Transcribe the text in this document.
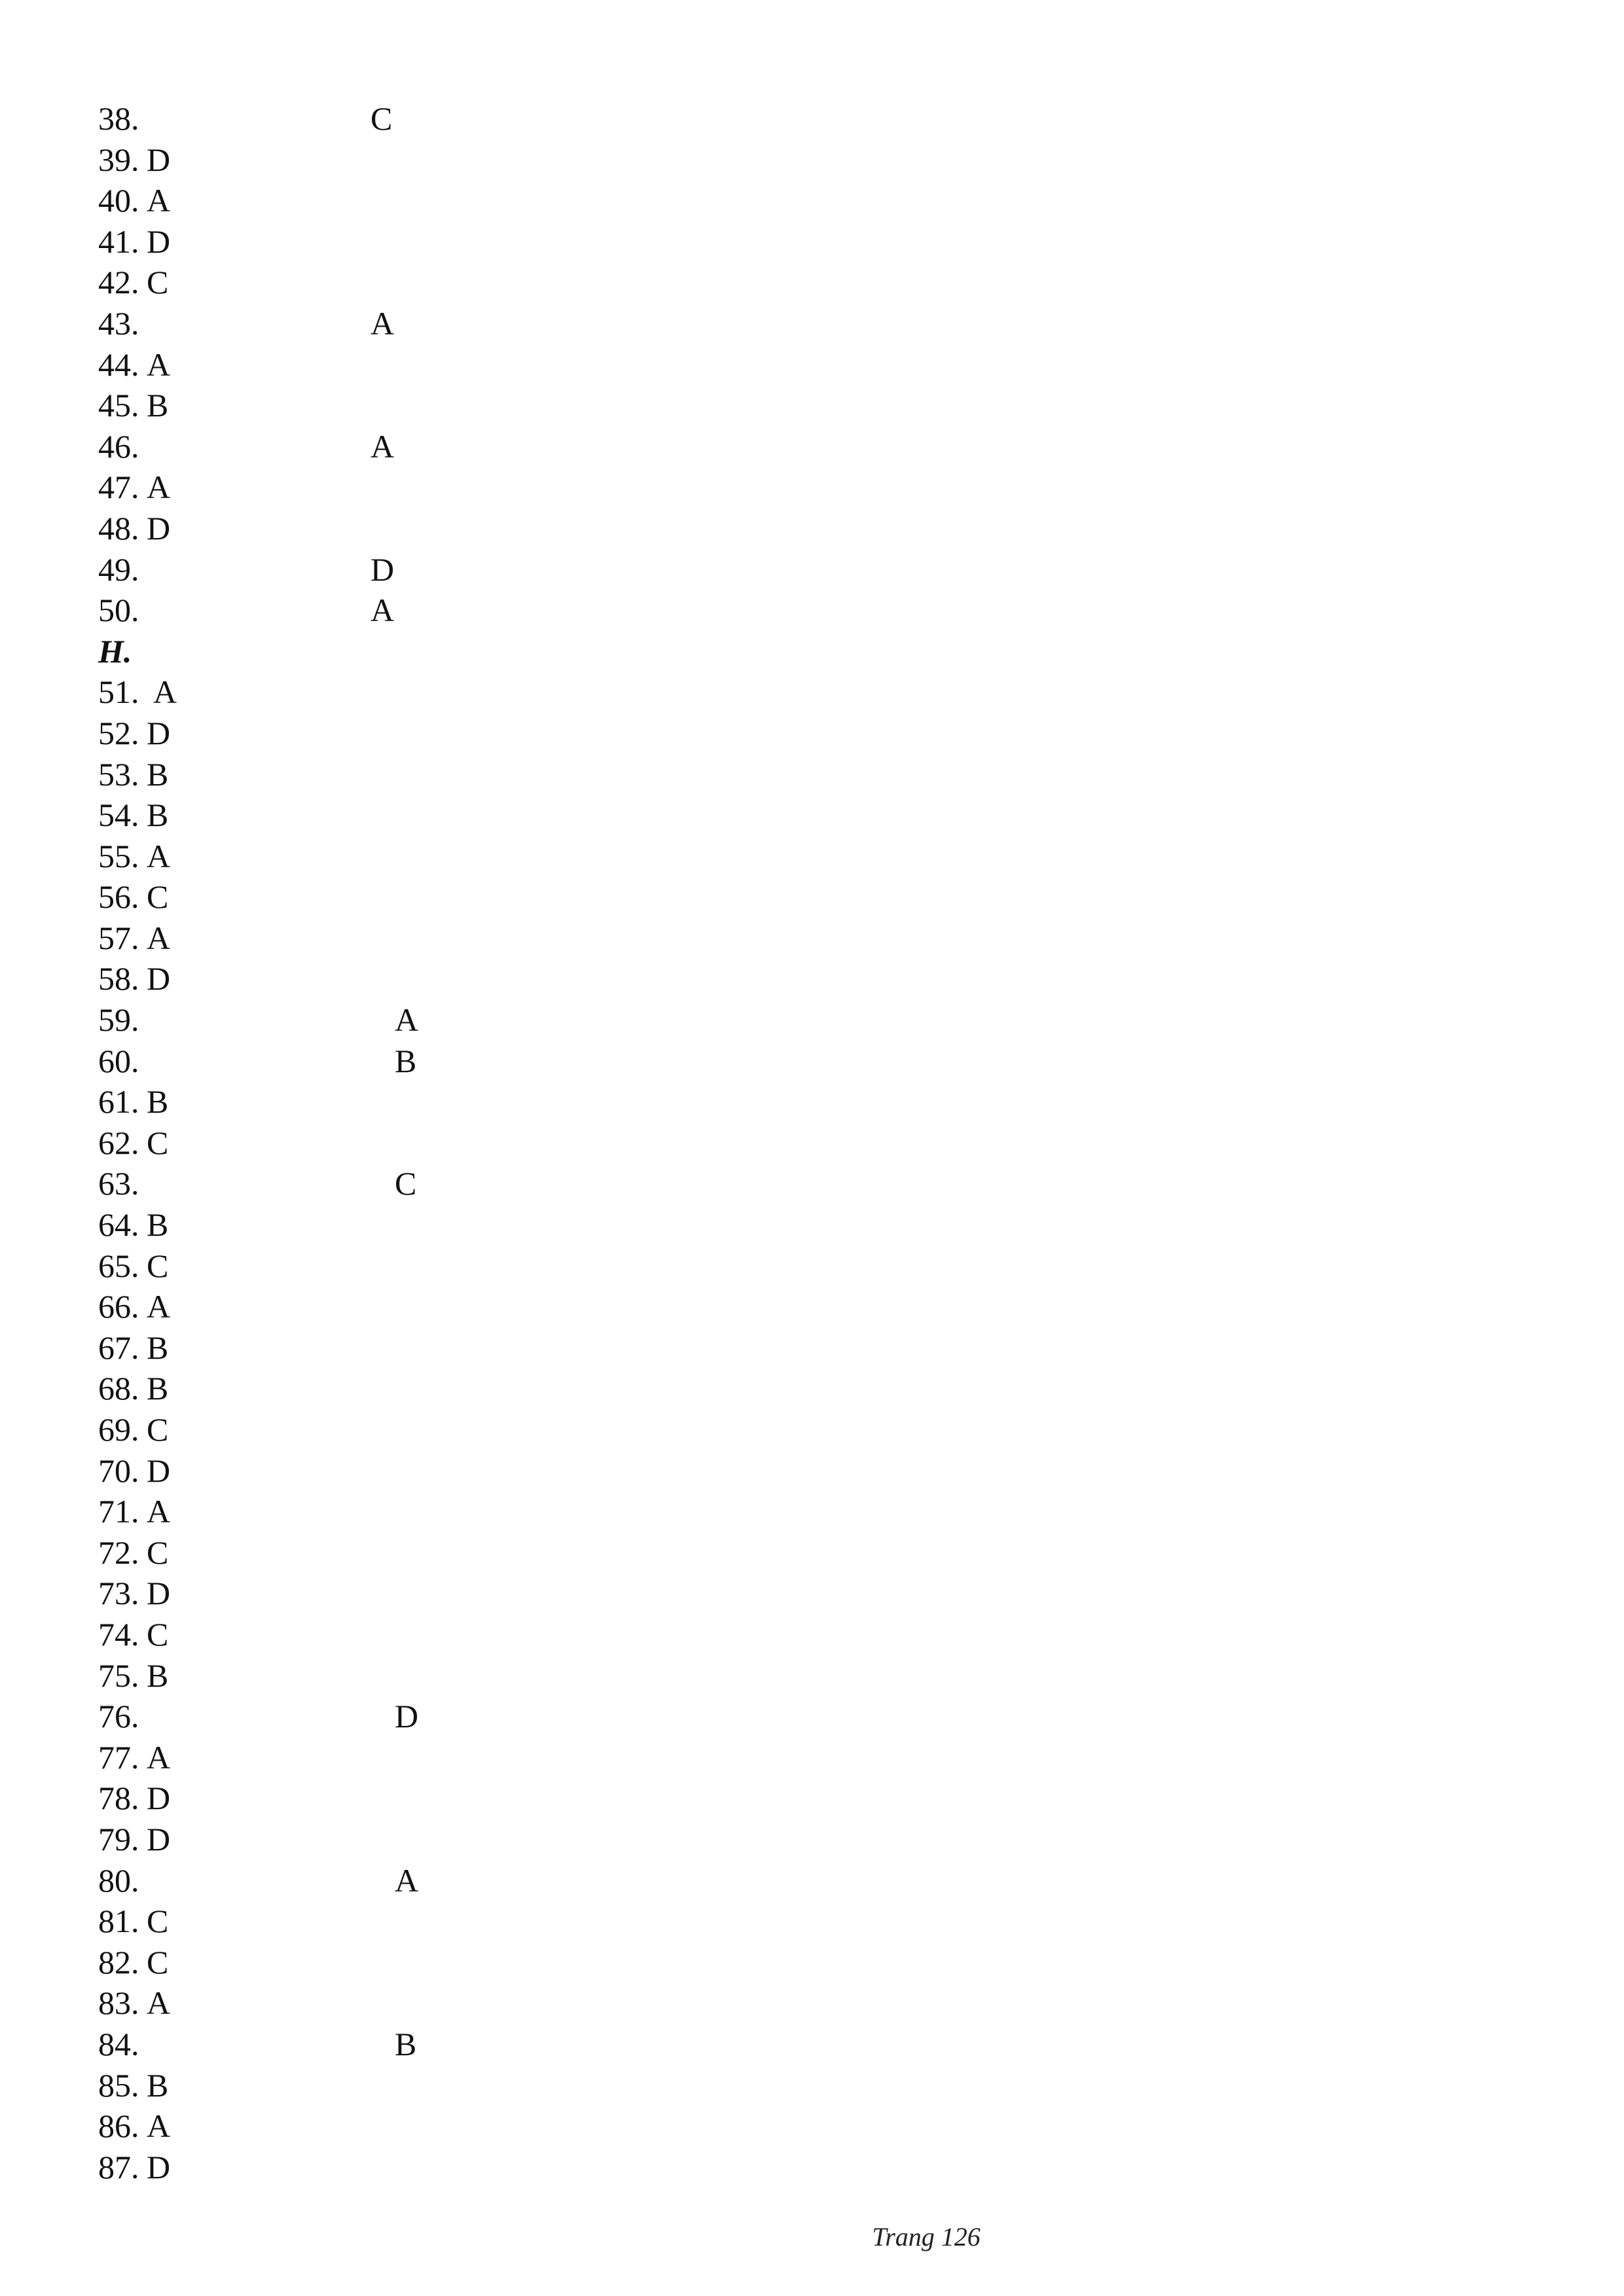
38.	C
39. D
40. A
41. D
42. C
43.	A
44. A
45. B
46.	A
47. A
48. D
49.	D
50.	A
H.
51. A
52. D
53. B
54. B
55. A
56. C
57. A
58. D
59.	A
60.	B
61. B
62. C
63.	C
64. B
65. C
66. A
67. B
68. B
69. C
70. D
71. A
72. C
73. D
74. C
75. B
76.	D
77. A
78. D
79. D
80.	A
81. C
82. C
83. A
84.	B
85. B
86. A
87. D
Trang 126
